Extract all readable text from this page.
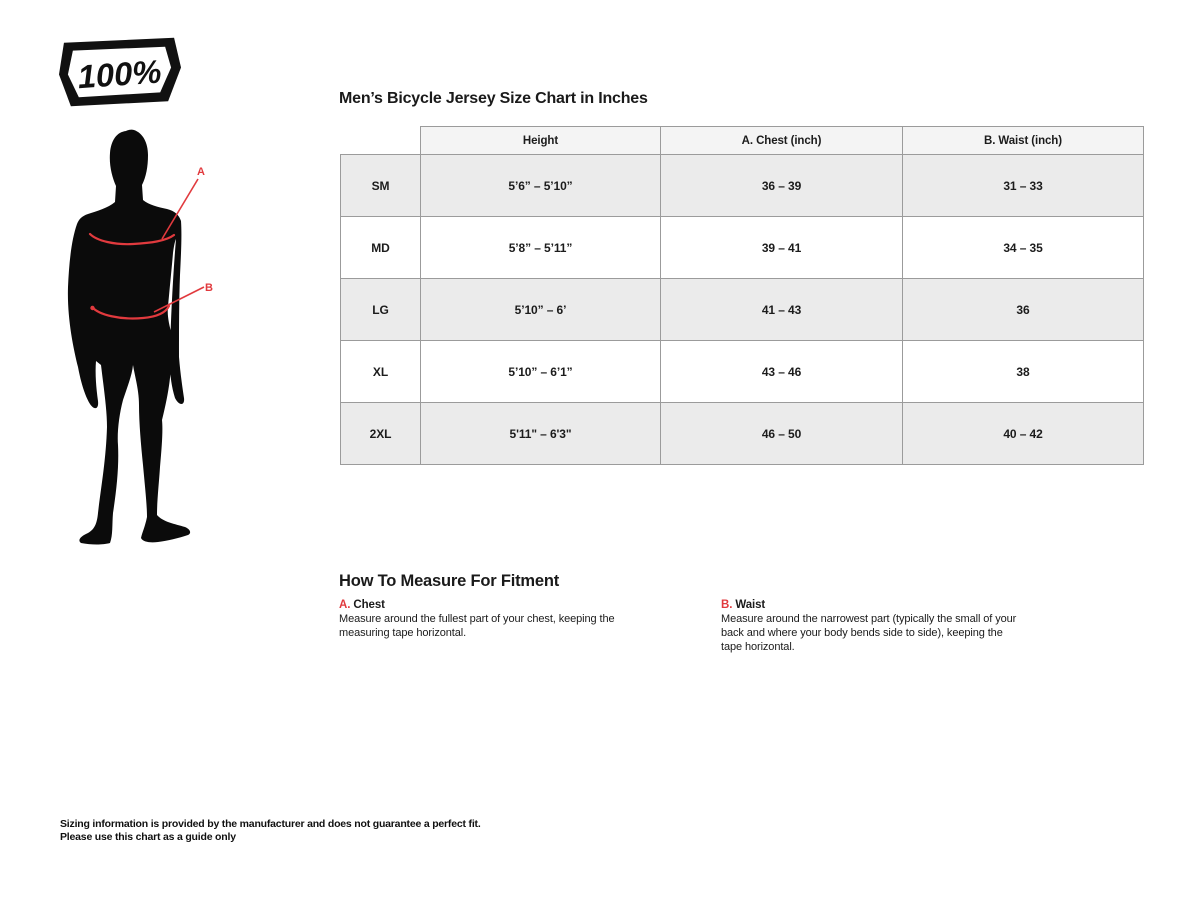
100%
A
B
Men’s Bicycle Jersey Size Chart in Inches
	Height	A. Chest (inch)	B. Waist (inch)
SM	5’6” – 5’10”	36 – 39	31 – 33
MD	5’8” – 5’11”	39 – 41	34 – 35
LG	5’10” – 6’	41 – 43	36
XL	5’10” – 6’1”	43 – 46	38
2XL	5'11" – 6'3"	46 – 50	40 – 42
How To Measure For Fitment
A. Chest

Measure around the fullest part of your chest, keeping the measuring tape horizontal.

B. Waist

Measure around the narrowest part (typically the small of your back and where your body bends side to side), keeping the tape horizontal.

Sizing information is provided by the manufacturer and does not guarantee a perfect fit.
Please use this chart as a guide only
